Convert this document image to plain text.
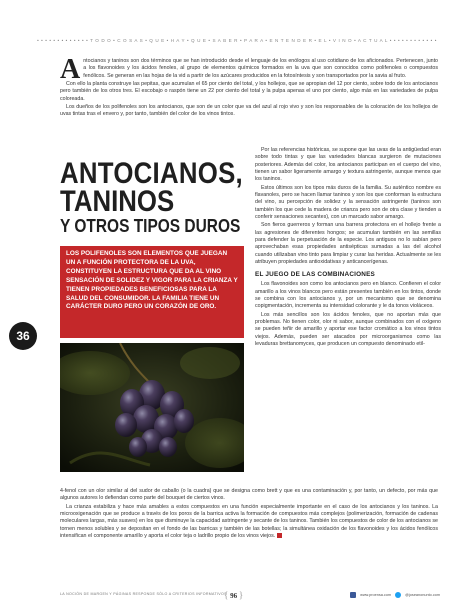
• • • • • • • • • • • • • T O D O • C O S A S • Q U E • H A Y • Q U E • S A B E R • P A R A • E N T E N D E R • E L • V I N O • A C T U A L • • • • • • • • • • • •

Antocianos y taninos son dos términos que se han introducido desde el lenguaje de los enólogos al uso cotidiano de los aficionados. Pertenecen, junto a los flavonoides y los ácidos fenoles, al grupo de elementos químicos formados en la uva que son conocidos como polifenoles o compuestos fenólicos. Se generan en las hojas de la vid a partir de los azúcares producidos en la fotosíntesis y son transportados por la savia al fruto.

Con ello la planta construye las pepitas, que acumulan el 65 por ciento del total, y los hollejos, que se apropian del 12 por ciento, sobre todo de los antocianos pero también de los otros tres. El escobajo o raspón tiene un 22 por ciento del total y la pulpa apenas el uno por ciento, algo más en las variedades de pulpa coloreada.

Los dueños de los polifenoles son los antocianos, que son de un color que va del azul al rojo vivo y son los responsables de la coloración de los hollejos de uvas tintas tras el envero y, por tanto, también del color de los vinos tintos.

ANTOCIANOS,
TANINOS
Y OTROS TIPOS DUROS

LOS POLIFENOLES SON ELEMENTOS QUE JUEGAN UN A FUNCIÓN PROTECTORA DE LA UVA, CONSTITUYEN LA ESTRUCTURA QUE DA AL VINO SENSACIÓN DE SOLIDEZ Y VIGOR PARA LA CRIANZA Y TIENEN PROPIEDADES BENEFICIOSAS PARA LA SALUD DEL CONSUMIDOR. LA FAMILIA TIENE UN CARÁCTER DURO PERO UN CORAZÓN DE ORO.

36

Por las referencias históricas, se supone que las uvas de la antigüedad eran sobre todo tintas y que las variedades blancas surgieron de mutaciones posteriores. Además del color, los antocianos participan en el cuerpo del vino, tienen un sabor ligeramente amargo y textura astringente, aunque menos que los taninos.

Estos últimos son los tipos más duros de la familia. Su auténtico nombre es flavanoles, pero se hacen llamar taninos y son los que conforman la estructura del vino, su percepción de solidez y la sensación astringente (taninos son también los que cede la madera de crianza pero son de otra clase y tienden a conferir sensaciones secantes), con un marcado sabor amargo.

Son fieros guerreros y forman una barrera protectora en el hollejo frente a las agresiones de diferentes hongos; se acumulan también en las semillas para defender la perpetuación de la especie. Los antiguos no lo sabían pero aprovechaban esas propiedades antisépticas sumadas a las del alcohol cuando utilizaban vino tinto para limpiar y curar las heridas. Actualmente se les atribuyen propiedades antioxidativas y anticancerígenas.

EL JUEGO DE LAS COMBINACIONES

Los flavonoides son como los antocianos pero en blanco. Confieren el color amarillo a los vinos blancos pero están presentes también en los tintos, donde se combina con los antocianos y, por un mecanismo que se denomina copigmentación, incrementa su intensidad colorante y le da tonos violáceos.

Los más sencillos son los ácidos fenoles, que no aportan más que problemas. No tienen color, olor ni sabor, aunque combinados con el oxígeno se pueden teñir de amarillo y aportar ese factor cromático a los vinos tintos viejos. Además, pueden ser atacados por microorganismos como las levaduras brettanomyces, que producen un compuesto denominado etil-

4-fenol con un olor similar al del sudor de caballo (o la cuadra) que se designa como brett y que es una contaminación y, por tanto, un defecto, por más que algunos autores lo defiendan como parte del bouquet de ciertos vinos.

La crianza estabiliza y hace más amables a estos compuestos en una función especialmente importante en el caso de los antocianos y los taninos. La microoxigenación que se produce a través de los poros de la barrica activa la formación de compuestos más complejos (polimerización, formación de cadenas moleculares largas, más suaves) en los que disminuye la capacidad astringente y secante de los taninos. También los compuestos de color de los antocianos se tornen menos solubles y se depositan en el fondo de las barricas y también de las botellas; la simultánea oxidación de los flavonoides y los ácidos fenólicos intensifican el componente amarillo y aporta el color teja o ladrillo propio de los vinos viejos.

LA NOCIÓN DE MARGEN Y PÁGINAS RESPONDE SÓLO A CRITERIOS INFORMATIVOS
{ 96 }	www.proensa.com	@joseanonunto.com
